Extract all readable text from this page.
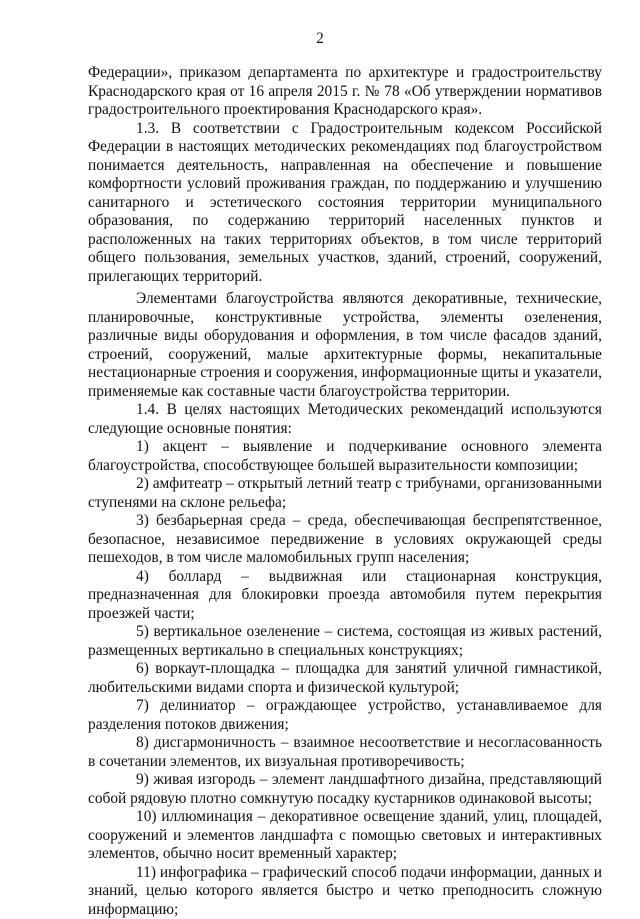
2

Федерации», приказом департамента по архитектуре и градостроительству Краснодарского края от 16 апреля 2015 г. № 78 «Об утверждении нормативов градостроительного проектирования Краснодарского края».

1.3. В соответствии с Градостроительным кодексом Российской Федерации в настоящих методических рекомендациях под благоустройством понимается деятельность, направленная на обеспечение и повышение комфортности условий проживания граждан, по поддержанию и улучшению санитарного и эстетического состояния территории муниципального образования, по содержанию территорий населенных пунктов и расположенных на таких территориях объектов, в том числе территорий общего пользования, земельных участков, зданий, строений, сооружений, прилегающих территорий.

Элементами благоустройства являются декоративные, технические, планировочные, конструктивные устройства, элементы озеленения, различные виды оборудования и оформления, в том числе фасадов зданий, строений, сооружений, малые архитектурные формы, некапитальные нестационарные строения и сооружения, информационные щиты и указатели, применяемые как составные части благоустройства территории.

1.4. В целях настоящих Методических рекомендаций используются следующие основные понятия:

1) акцент – выявление и подчеркивание основного элемента благоустройства, способствующее большей выразительности композиции;

2) амфитеатр – открытый летний театр с трибунами, организованными ступенями на склоне рельефа;

3) безбарьерная среда – среда, обеспечивающая беспрепятственное, безопасное, независимое передвижение в условиях окружающей среды пешеходов, в том числе маломобильных групп населения;

4) боллард – выдвижная или стационарная конструкция, предназначенная для блокировки проезда автомобиля путем перекрытия проезжей части;

5) вертикальное озеленение – система, состоящая из живых растений, размещенных вертикально в специальных конструкциях;

6) воркаут-площадка – площадка для занятий уличной гимнастикой, любительскими видами спорта и физической культурой;

7) делиниатор – ограждающее устройство, устанавливаемое для разделения потоков движения;

8) дисгармоничность – взаимное несоответствие и несогласованность в сочетании элементов, их визуальная противоречивость;

9) живая изгородь – элемент ландшафтного дизайна, представляющий собой рядовую плотно сомкнутую посадку кустарников одинаковой высоты;

10) иллюминация – декоративное освещение зданий, улиц, площадей, сооружений и элементов ландшафта с помощью световых и интерактивных элементов, обычно носит временный характер;

11) инфографика – графический способ подачи информации, данных и знаний, целью которого является быстро и четко преподносить сложную информацию;
